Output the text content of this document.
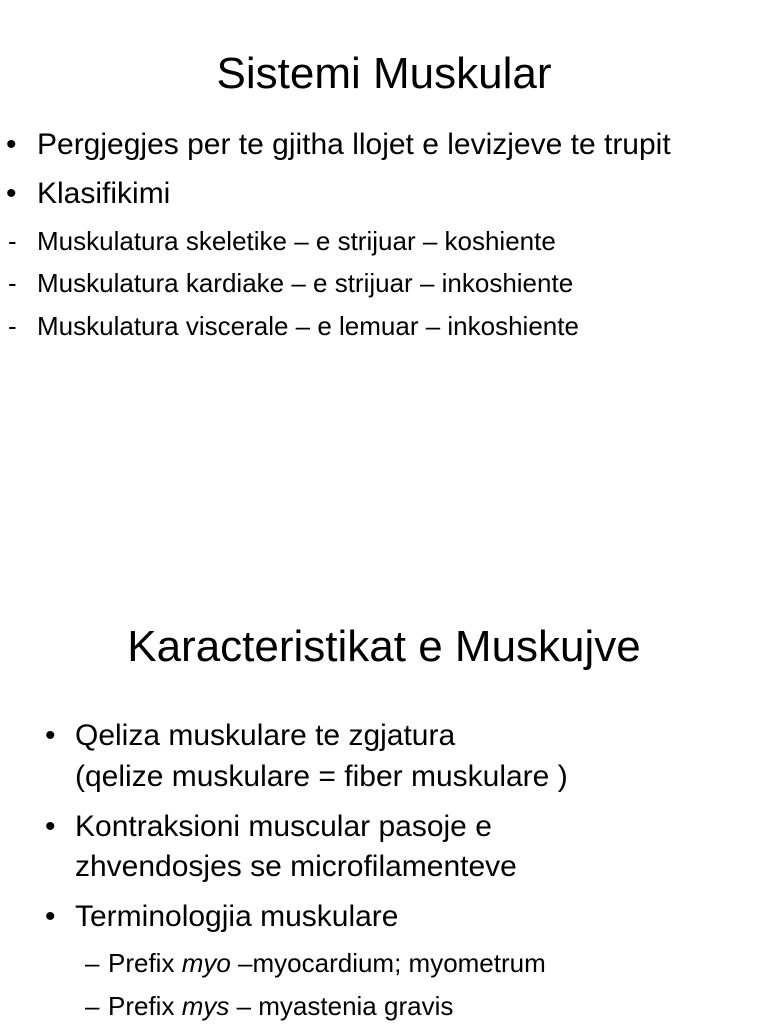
Sistemi Muskular
• Pergjegjes per te gjitha llojet e levizjeve te trupit
• Klasifikimi
- Muskulatura skeletike – e strijuar – koshiente
- Muskulatura kardiake – e strijuar – inkoshiente
- Muskulatura viscerale – e lemuar – inkoshiente
Karacteristikat e Muskujve
• Qeliza muskulare te zgjatura
(qelize muskulare = fiber muskulare )
• Kontraksioni muscular pasoje e
zhvendosjes se microfilamenteve
• Terminologjia muskulare
– Prefix myo –myocardium; myometrum
– Prefix mys – myastenia gravis
